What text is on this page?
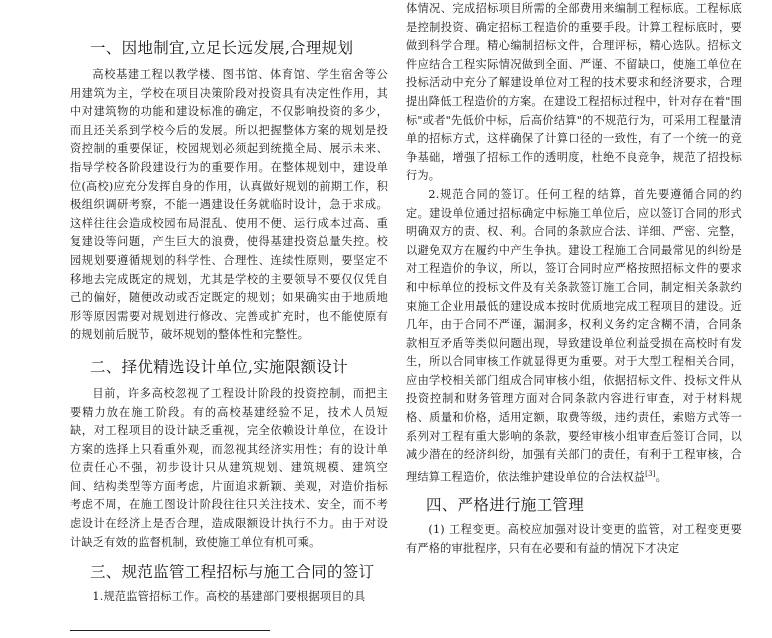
一、因地制宜,立足长远发展,合理规划

高校基建工程以教学楼、图书馆、体育馆、学生宿舍等公用建筑为主，学校在项目决策阶段对投资具有决定性作用，其中对建筑物的功能和建设标准的确定，不仅影响投资的多少，而且还关系到学校今后的发展。所以把握整体方案的规划是投资控制的重要保证，校园规划必须起到统揽全局、展示未来、指导学校各阶段建设行为的重要作用。在整体规划中，建设单位(高校)应充分发挥自身的作用，认真做好规划的前期工作，积极组织调研考察，不能一遇建设任务就临时设计，急于求成。这样往往会造成校园布局混乱、使用不便、运行成本过高、重复建设等问题，产生巨大的浪费，使得基建投资总量失控。校园规划要遵循规划的科学性、合理性、连续性原则，要坚定不移地去完成既定的规划，尤其是学校的主要领导不要仅仅凭自己的偏好，随便改动或否定既定的规划；如果确实由于地质地形等原因需要对规划进行修改、完善或扩充时，也不能使原有的规划前后脱节，破坏规划的整体性和完整性。

二、择优精选设计单位,实施限额设计

目前，许多高校忽视了工程设计阶段的投资控制，而把主要精力放在施工阶段。有的高校基建经验不足，技术人员短缺，对工程项目的设计缺乏重视，完全依赖设计单位，在设计方案的选择上只看重外观，而忽视其经济实用性；有的设计单位责任心不强，初步设计只从建筑规划、建筑规模、建筑空间、结构类型等方面考虑，片面追求新颖、美观，对造价指标考虑不周，在施工图设计阶段往往只关注技术、安全，而不考虑设计在经济上是否合理，造成限额设计执行不力。由于对设计缺乏有效的监督机制，致使施工单位有机可乘。

三、规范监管工程招标与施工合同的签订

1.规范监管招标工作。高校的基建部门要根据项目的具

体情况、完成招标项目所需的全部费用来编制工程标底。工程标底是控制投资、确定招标工程造价的重要手段。计算工程标底时，要做到科学合理。精心编制招标文件，合理评标，精心选队。招标文件应结合工程实际情况做到全面、严谨、不留缺口，使施工单位在投标活动中充分了解建设单位对工程的技术要求和经济要求，合理提出降低工程造价的方案。在建设工程招标过程中，针对存在着"围标"或者"先低价中标，后高价结算"的不规范行为，可采用工程量清单的招标方式，这样确保了计算口径的一致性，有了一个统一的竞争基础，增强了招标工作的透明度，杜绝不良竞争，规范了招投标行为。

2.规范合同的签订。任何工程的结算，首先要遵循合同的约定。建设单位通过招标确定中标施工单位后，应以签订合同的形式明确双方的责、权、利。合同的条款应合法、详细、严密、完整，以避免双方在履约中产生争执。建设工程施工合同最常见的纠纷是对工程造价的争议，所以，签订合同时应严格按照招标文件的要求和中标单位的投标文件及有关条款签订施工合同，制定相关条款约束施工企业用最低的建设成本按时优质地完成工程项目的建设。近几年，由于合同不严谨，漏洞多，权利义务约定含糊不清，合同条款相互矛盾等类似问题出现，导致建设单位利益受损在高校时有发生，所以合同审核工作就显得更为重要。对于大型工程相关合同，应由学校相关部门组成合同审核小组，依据招标文件、投标文件从投资控制和财务管理方面对合同条款内容进行审查，对于材料规格、质量和价格，适用定额，取费等级，违约责任，索赔方式等一系列对工程有重大影响的条款，要经审核小组审查后签订合同，以减少潜在的经济纠纷，加强有关部门的责任，有利于工程审核，合理结算工程造价，依法维护建设单位的合法权益[3]。

四、严格进行施工管理

(1) 工程变更。高校应加强对设计变更的监管，对工程变更要有严格的审批程序，只有在必要和有益的情况下才决定
